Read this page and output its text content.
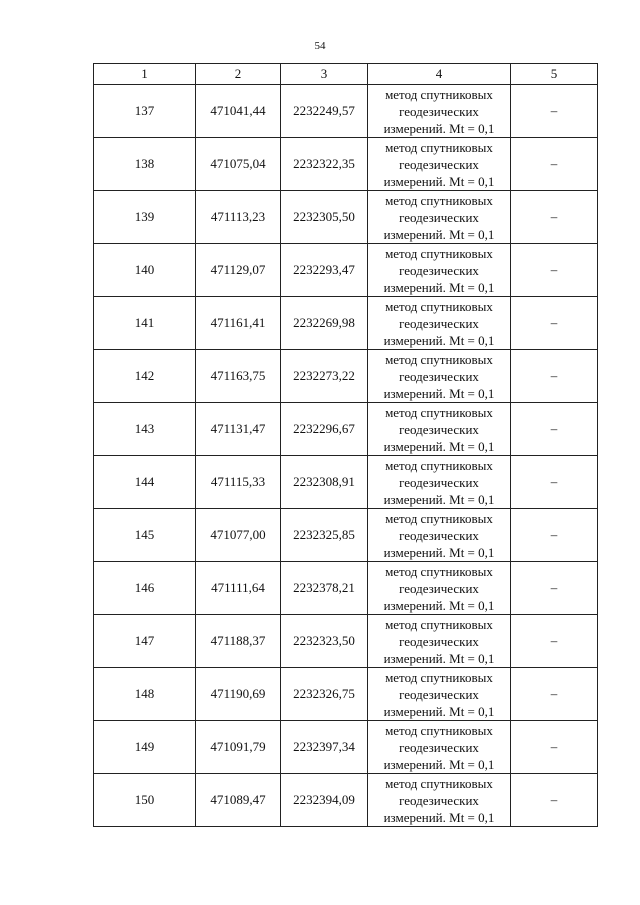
54
1	2	3	4	5
137	471041,44	2232249,57	метод спутниковых
геодезических
измерений. Mt = 0,1	–
138	471075,04	2232322,35	метод спутниковых
геодезических
измерений. Mt = 0,1	–
139	471113,23	2232305,50	метод спутниковых
геодезических
измерений. Mt = 0,1	–
140	471129,07	2232293,47	метод спутниковых
геодезических
измерений. Mt = 0,1	–
141	471161,41	2232269,98	метод спутниковых
геодезических
измерений. Mt = 0,1	–
142	471163,75	2232273,22	метод спутниковых
геодезических
измерений. Mt = 0,1	–
143	471131,47	2232296,67	метод спутниковых
геодезических
измерений. Mt = 0,1	–
144	471115,33	2232308,91	метод спутниковых
геодезических
измерений. Mt = 0,1	–
145	471077,00	2232325,85	метод спутниковых
геодезических
измерений. Mt = 0,1	–
146	471111,64	2232378,21	метод спутниковых
геодезических
измерений. Mt = 0,1	–
147	471188,37	2232323,50	метод спутниковых
геодезических
измерений. Mt = 0,1	–
148	471190,69	2232326,75	метод спутниковых
геодезических
измерений. Mt = 0,1	–
149	471091,79	2232397,34	метод спутниковых
геодезических
измерений. Mt = 0,1	–
150	471089,47	2232394,09	метод спутниковых
геодезических
измерений. Mt = 0,1	–
